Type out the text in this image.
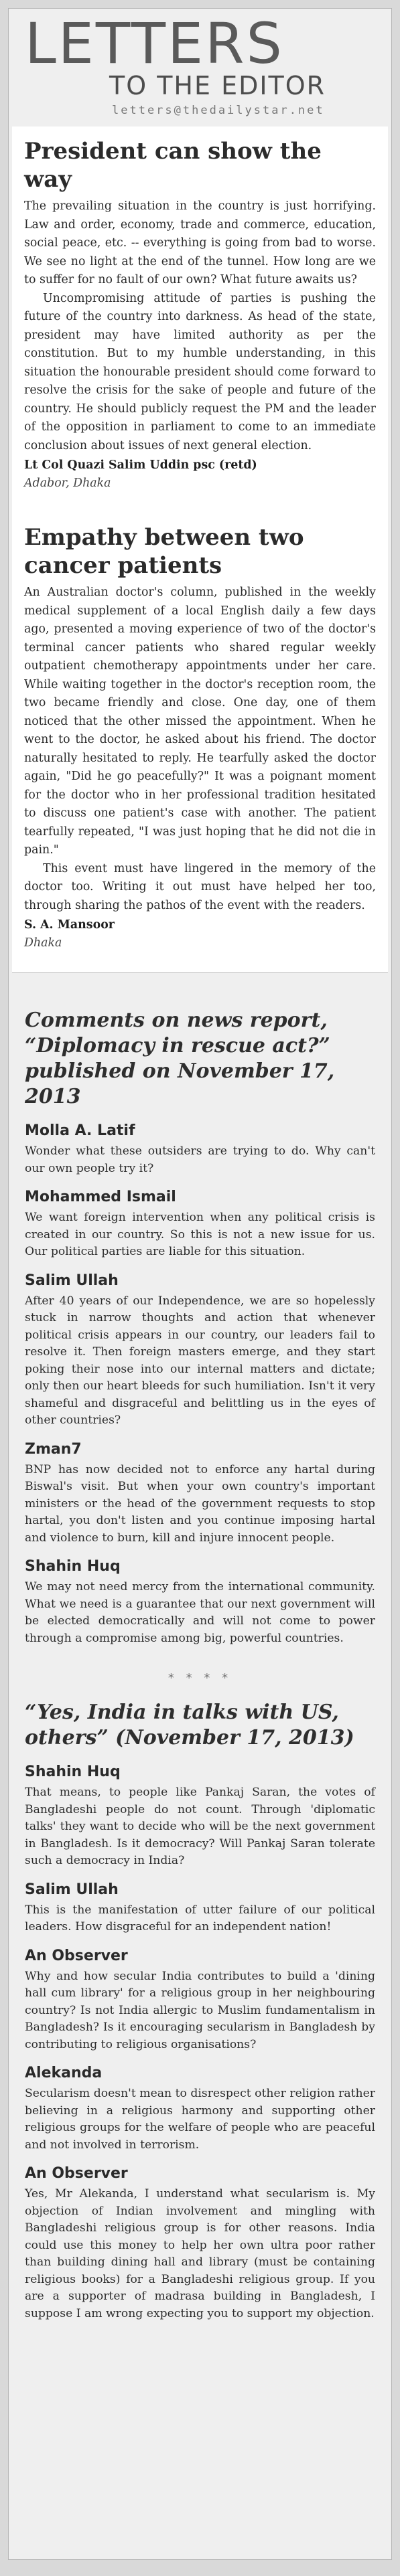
LETTERS
TO THE EDITOR
letters@thedailystar.net
President can show the way

The prevailing situation in the country is just horrifying. Law and order, economy, trade and commerce, education, social peace, etc. -- everything is going from bad to worse. We see no light at the end of the tunnel. How long are we to suffer for no fault of our own? What future awaits us?

Uncompromising attitude of parties is pushing the future of the country into darkness. As head of the state, president may have limited authority as per the constitution. But to my humble understanding, in this situation the honourable president should come forward to resolve the crisis for the sake of people and future of the country. He should publicly request the PM and the leader of the opposition in parliament to come to an immediate conclusion about issues of next general election.

Lt Col Quazi Salim Uddin psc (retd)
Adabor, Dhaka
Empathy between two cancer patients

An Australian doctor's column, published in the weekly medical supplement of a local English daily a few days ago, presented a moving experience of two of the doctor's terminal cancer patients who shared regular weekly outpatient chemotherapy appointments under her care. While waiting together in the doctor's reception room, the two became friendly and close. One day, one of them noticed that the other missed the appointment. When he went to the doctor, he asked about his friend. The doctor naturally hesitated to reply. He tearfully asked the doctor again, "Did he go peacefully?" It was a poignant moment for the doctor who in her professional tradition hesitated to discuss one patient's case with another. The patient tearfully repeated, "I was just hoping that he did not die in pain."

This event must have lingered in the memory of the doctor too. Writing it out must have helped her too, through sharing the pathos of the event with the readers.

S. A. Mansoor
Dhaka
Comments on news report, “Diplomacy in rescue act?” published on November 17, 2013
Molla A. Latif

Wonder what these outsiders are trying to do. Why can't our own people try it?

Mohammed Ismail

We want foreign intervention when any political crisis is created in our country. So this is not a new issue for us. Our political parties are liable for this situation.

Salim Ullah

After 40 years of our Independence, we are so hopelessly stuck in narrow thoughts and action that whenever political crisis appears in our country, our leaders fail to resolve it. Then foreign masters emerge, and they start poking their nose into our internal matters and dictate; only then our heart bleeds for such humiliation. Isn't it very shameful and disgraceful and belittling us in the eyes of other countries?

Zman7

BNP has now decided not to enforce any hartal during Biswal's visit. But when your own country's important ministers or the head of the government requests to stop hartal, you don't listen and you continue imposing hartal and violence to burn, kill and injure innocent people.

Shahin Huq

We may not need mercy from the international community. What we need is a guarantee that our next government will be elected democratically and will not come to power through a compromise among big, powerful countries.

* * * *
“Yes, India in talks with US, others” (November 17, 2013)
Shahin Huq

That means, to people like Pankaj Saran, the votes of Bangladeshi people do not count. Through 'diplomatic talks' they want to decide who will be the next government in Bangladesh. Is it democracy? Will Pankaj Saran tolerate such a democracy in India?

Salim Ullah

This is the manifestation of utter failure of our political leaders. How disgraceful for an independent nation!

An Observer

Why and how secular India contributes to build a 'dining hall cum library' for a religious group in her neighbouring country? Is not India allergic to Muslim fundamentalism in Bangladesh? Is it encouraging secularism in Bangladesh by contributing to religious organisations?

Alekanda

Secularism doesn't mean to disrespect other religion rather believing in a religious harmony and supporting other religious groups for the welfare of people who are peaceful and not involved in terrorism.

An Observer

Yes, Mr Alekanda, I understand what secularism is. My objection of Indian involvement and mingling with Bangladeshi religious group is for other reasons. India could use this money to help her own ultra poor rather than building dining hall and library (must be containing religious books) for a Bangladeshi religious group. If you are a supporter of madrasa building in Bangladesh, I suppose I am wrong expecting you to support my objection.
